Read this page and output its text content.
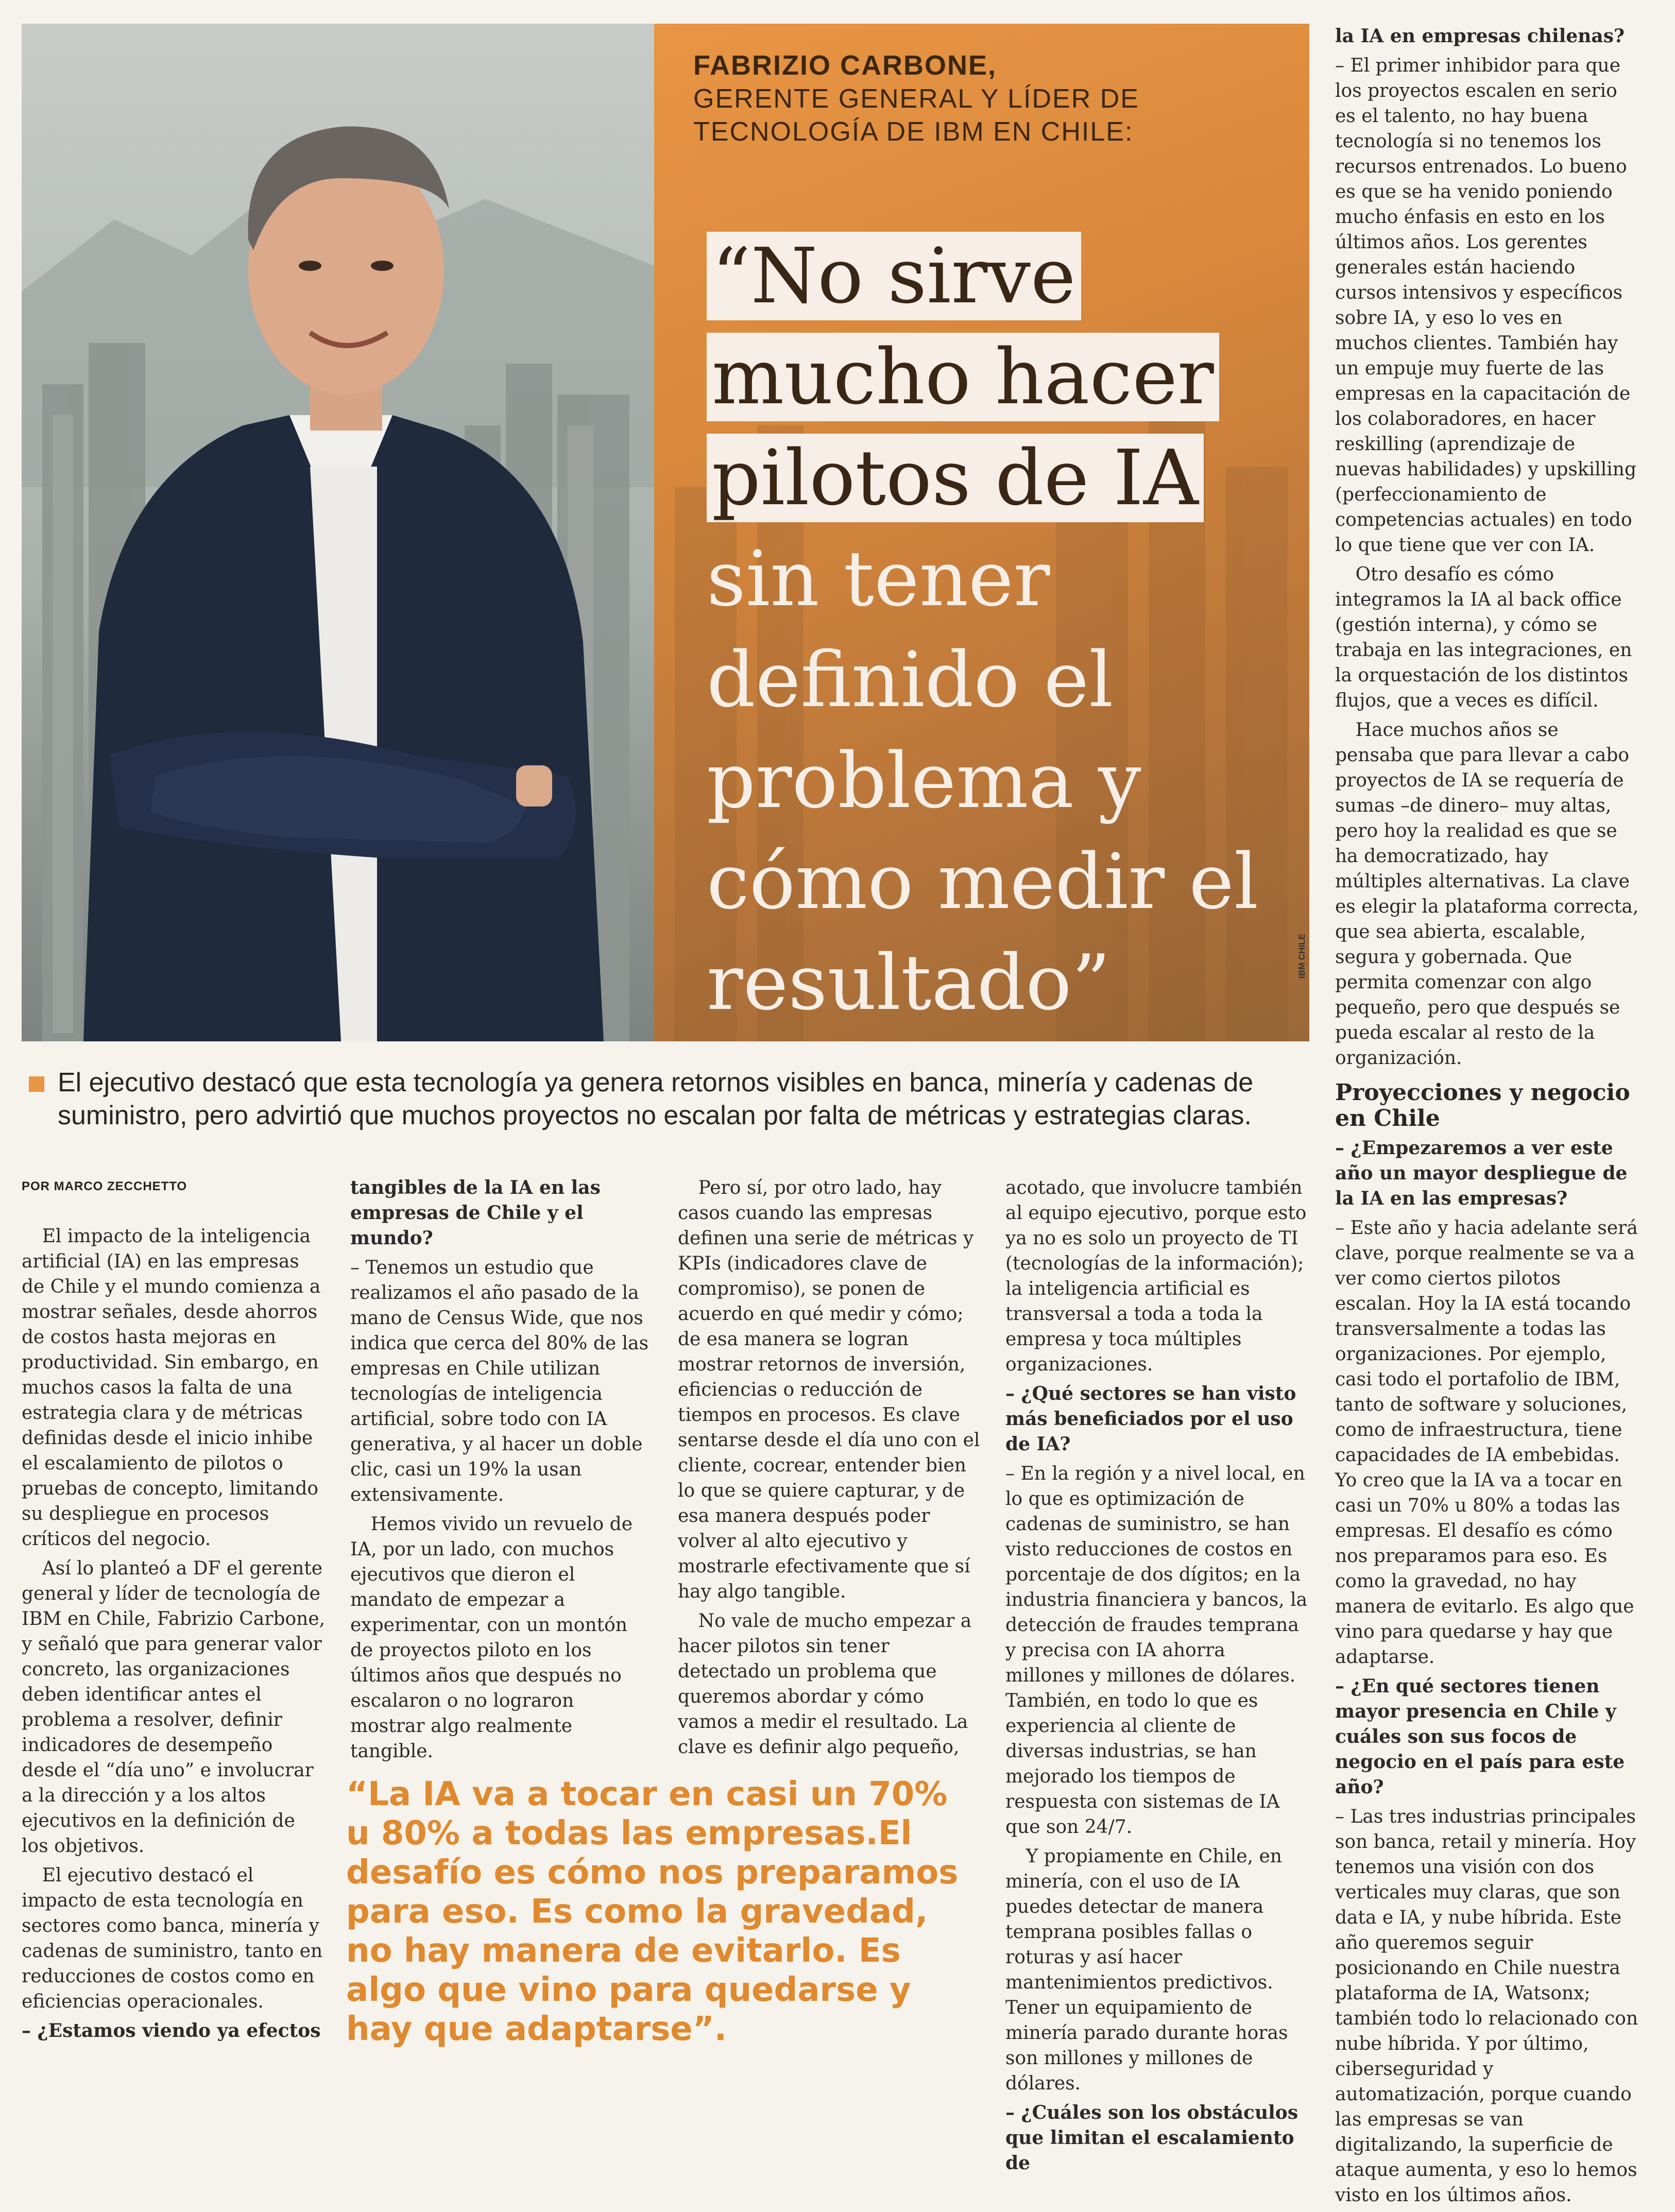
FABRIZIO CARBONE,
GERENTE GENERAL Y LÍDER DE TECNOLOGÍA DE IBM EN CHILE:

“No sirve mucho hacer pilotos de IA sin tener definido el problema y cómo medir el resultado”	IBM CHILE
El ejecutivo destacó que esta tecnología ya genera retornos visibles en banca, minería y cadenas de suministro, pero advirtió que muchos proyectos no escalan por falta de métricas y estrategias claras.
POR MARCO ZECCHETTO

El impacto de la inteligencia artificial (IA) en las empresas de Chile y el mundo comienza a mostrar señales, desde ahorros de costos hasta mejoras en productividad. Sin embargo, en muchos casos la falta de una estrategia clara y de métricas definidas desde el inicio inhibe el escalamiento de pilotos o pruebas de concepto, limitando su despliegue en procesos críticos del negocio.

Así lo planteó a DF el gerente general y líder de tecnología de IBM en Chile, Fabrizio Carbone, y señaló que para generar valor concreto, las organizaciones deben identificar antes el problema a resolver, definir indicadores de desempeño desde el “día uno” e involucrar a la dirección y a los altos ejecutivos en la definición de los objetivos.

El ejecutivo destacó el impacto de esta tecnología en sectores como banca, minería y cadenas de suministro, tanto en reducciones de costos como en eficiencias operacionales.

– ¿Estamos viendo ya efectos

tangibles de la IA en las empresas de Chile y el mundo?

– Tenemos un estudio que realizamos el año pasado de la mano de Census Wide, que nos indica que cerca del 80% de las empresas en Chile utilizan tecnologías de inteligencia artificial, sobre todo con IA generativa, y al hacer un doble clic, casi un 19% la usan extensivamente.

Hemos vivido un revuelo de IA, por un lado, con muchos ejecutivos que dieron el mandato de empezar a experimentar, con un montón de proyectos piloto en los últimos años que después no escalaron o no lograron mostrar algo realmente tangible.

Pero sí, por otro lado, hay casos cuando las empresas definen una serie de métricas y KPIs (indicadores clave de compromiso), se ponen de acuerdo en qué medir y cómo; de esa manera se logran mostrar retornos de inversión, eficiencias o reducción de tiempos en procesos. Es clave sentarse desde el día uno con el cliente, cocrear, entender bien lo que se quiere capturar, y de esa manera después poder volver al alto ejecutivo y mostrarle efectivamente que sí hay algo tangible.

No vale de mucho empezar a hacer pilotos sin tener detectado un problema que queremos abordar y cómo vamos a medir el resultado. La clave es definir algo pequeño,

acotado, que involucre también al equipo ejecutivo, porque esto ya no es solo un proyecto de TI (tecnologías de la información); la inteligencia artificial es transversal a toda a toda la empresa y toca múltiples organizaciones.

– ¿Qué sectores se han visto más beneficiados por el uso de IA?

– En la región y a nivel local, en lo que es optimización de cadenas de suministro, se han visto reducciones de costos en porcentaje de dos dígitos; en la industria financiera y bancos, la detección de fraudes temprana y precisa con IA ahorra millones y millones de dólares. También, en todo lo que es experiencia al cliente de diversas industrias, se han mejorado los tiempos de respuesta con sistemas de IA que son 24/7.

Y propiamente en Chile, en minería, con el uso de IA puedes detectar de manera temprana posibles fallas o roturas y así hacer mantenimientos predictivos. Tener un equipamiento de minería parado durante horas son millones y millones de dólares.

– ¿Cuáles son los obstáculos que limitan el escalamiento de

la IA en empresas chilenas?

– El primer inhibidor para que los proyectos escalen en serio es el talento, no hay buena tecnología si no tenemos los recursos entrenados. Lo bueno es que se ha venido poniendo mucho énfasis en esto en los últimos años. Los gerentes generales están haciendo cursos intensivos y específicos sobre IA, y eso lo ves en muchos clientes. También hay un empuje muy fuerte de las empresas en la capacitación de los colaboradores, en hacer reskilling (aprendizaje de nuevas habilidades) y upskilling (perfeccionamiento de competencias actuales) en todo lo que tiene que ver con IA.

Otro desafío es cómo integramos la IA al back office (gestión interna), y cómo se trabaja en las integraciones, en la orquestación de los distintos flujos, que a veces es difícil.

Hace muchos años se pensaba que para llevar a cabo proyectos de IA se requería de sumas –de dinero– muy altas, pero hoy la realidad es que se ha democratizado, hay múltiples alternativas. La clave es elegir la plataforma correcta, que sea abierta, escalable, segura y gobernada. Que permita comenzar con algo pequeño, pero que después se pueda escalar al resto de la organización.

Proyecciones y negocio en Chile

– ¿Empezaremos a ver este año un mayor despliegue de la IA en las empresas?

– Este año y hacia adelante será clave, porque realmente se va a ver como ciertos pilotos escalan. Hoy la IA está tocando transversalmente a todas las organizaciones. Por ejemplo, casi todo el portafolio de IBM, tanto de software y soluciones, como de infraestructura, tiene capacidades de IA embebidas. Yo creo que la IA va a tocar en casi un 70% u 80% a todas las empresas. El desafío es cómo nos preparamos para eso. Es como la gravedad, no hay manera de evitarlo. Es algo que vino para quedarse y hay que adaptarse.

– ¿En qué sectores tienen mayor presencia en Chile y cuáles son sus focos de negocio en el país para este año?

– Las tres industrias principales son banca, retail y minería. Hoy tenemos una visión con dos verticales muy claras, que son data e IA, y nube híbrida. Este año queremos seguir posicionando en Chile nuestra plataforma de IA, Watsonx; también todo lo relacionado con nube híbrida. Y por último, ciberseguridad y automatización, porque cuando las empresas se van digitalizando, la superficie de ataque aumenta, y eso lo hemos visto en los últimos años.

“La IA va a tocar en casi un 70% u 80% a todas las empresas.El desafío es cómo nos preparamos para eso. Es como la gravedad, no hay manera de evitarlo. Es algo que vino para quedarse y hay que adaptarse”.
